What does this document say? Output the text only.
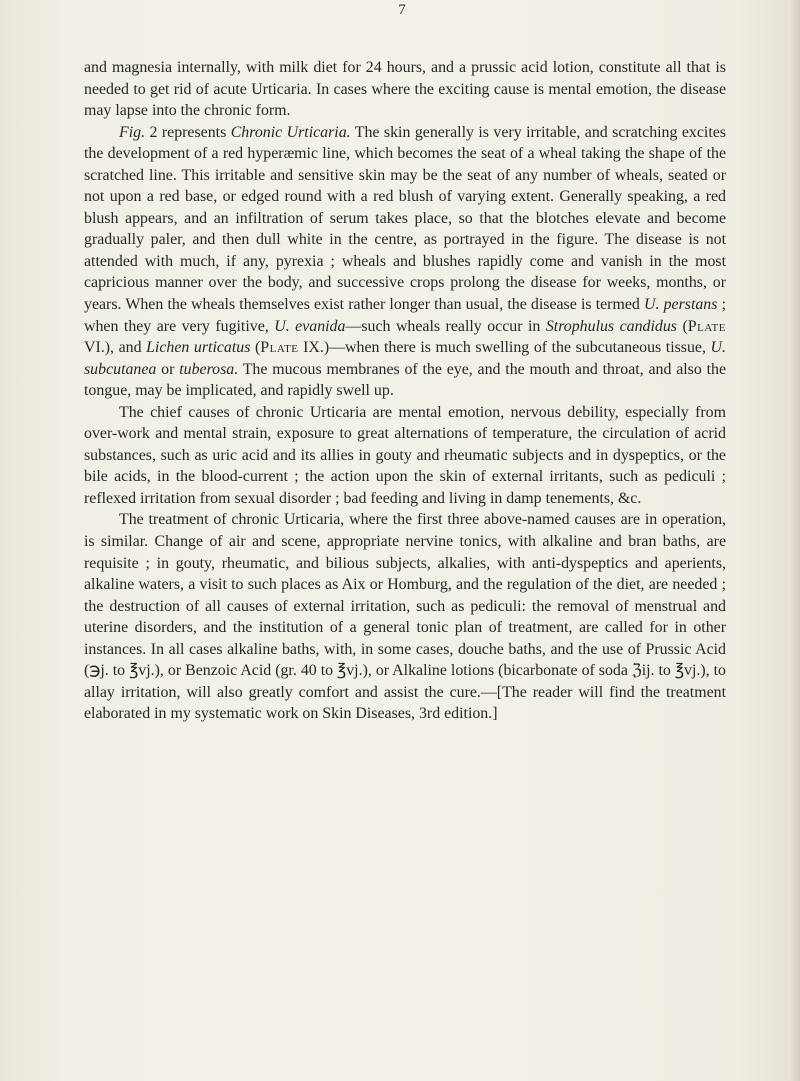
7

and magnesia internally, with milk diet for 24 hours, and a prussic acid lotion, constitute all that is needed to get rid of acute Urticaria. In cases where the exciting cause is mental emotion, the disease may lapse into the chronic form.

Fig. 2 represents Chronic Urticaria. The skin generally is very irritable, and scratching excites the development of a red hyperæmic line, which becomes the seat of a wheal taking the shape of the scratched line. This irritable and sensitive skin may be the seat of any number of wheals, seated or not upon a red base, or edged round with a red blush of varying extent. Generally speaking, a red blush appears, and an infiltration of serum takes place, so that the blotches elevate and become gradually paler, and then dull white in the centre, as portrayed in the figure. The disease is not attended with much, if any, pyrexia ; wheals and blushes rapidly come and vanish in the most capricious manner over the body, and successive crops prolong the disease for weeks, months, or years. When the wheals themselves exist rather longer than usual, the disease is termed U. perstans ; when they are very fugitive, U. evanida—such wheals really occur in Strophulus candidus (Plate VI.), and Lichen urticatus (Plate IX.)—when there is much swelling of the subcutaneous tissue, U. subcutanea or tuberosa. The mucous membranes of the eye, and the mouth and throat, and also the tongue, may be implicated, and rapidly swell up.

The chief causes of chronic Urticaria are mental emotion, nervous debility, especially from over-work and mental strain, exposure to great alternations of temperature, the circulation of acrid substances, such as uric acid and its allies in gouty and rheumatic subjects and in dyspeptics, or the bile acids, in the blood-current ; the action upon the skin of external irritants, such as pediculi ; reflexed irritation from sexual disorder ; bad feeding and living in damp tenements, &c.

The treatment of chronic Urticaria, where the first three above-named causes are in operation, is similar. Change of air and scene, appropriate nervine tonics, with alkaline and bran baths, are requisite ; in gouty, rheumatic, and bilious subjects, alkalies, with anti-dyspeptics and aperients, alkaline waters, a visit to such places as Aix or Homburg, and the regulation of the diet, are needed ; the destruction of all causes of external irritation, such as pediculi: the removal of menstrual and uterine disorders, and the institution of a general tonic plan of treatment, are called for in other instances. In all cases alkaline baths, with, in some cases, douche baths, and the use of Prussic Acid (℈j. to ℥vj.), or Benzoic Acid (gr. 40 to ℥vj.), or Alkaline lotions (bicarbonate of soda ℨij. to ℥vj.), to allay irritation, will also greatly comfort and assist the cure.—[The reader will find the treatment elaborated in my systematic work on Skin Diseases, 3rd edition.]
